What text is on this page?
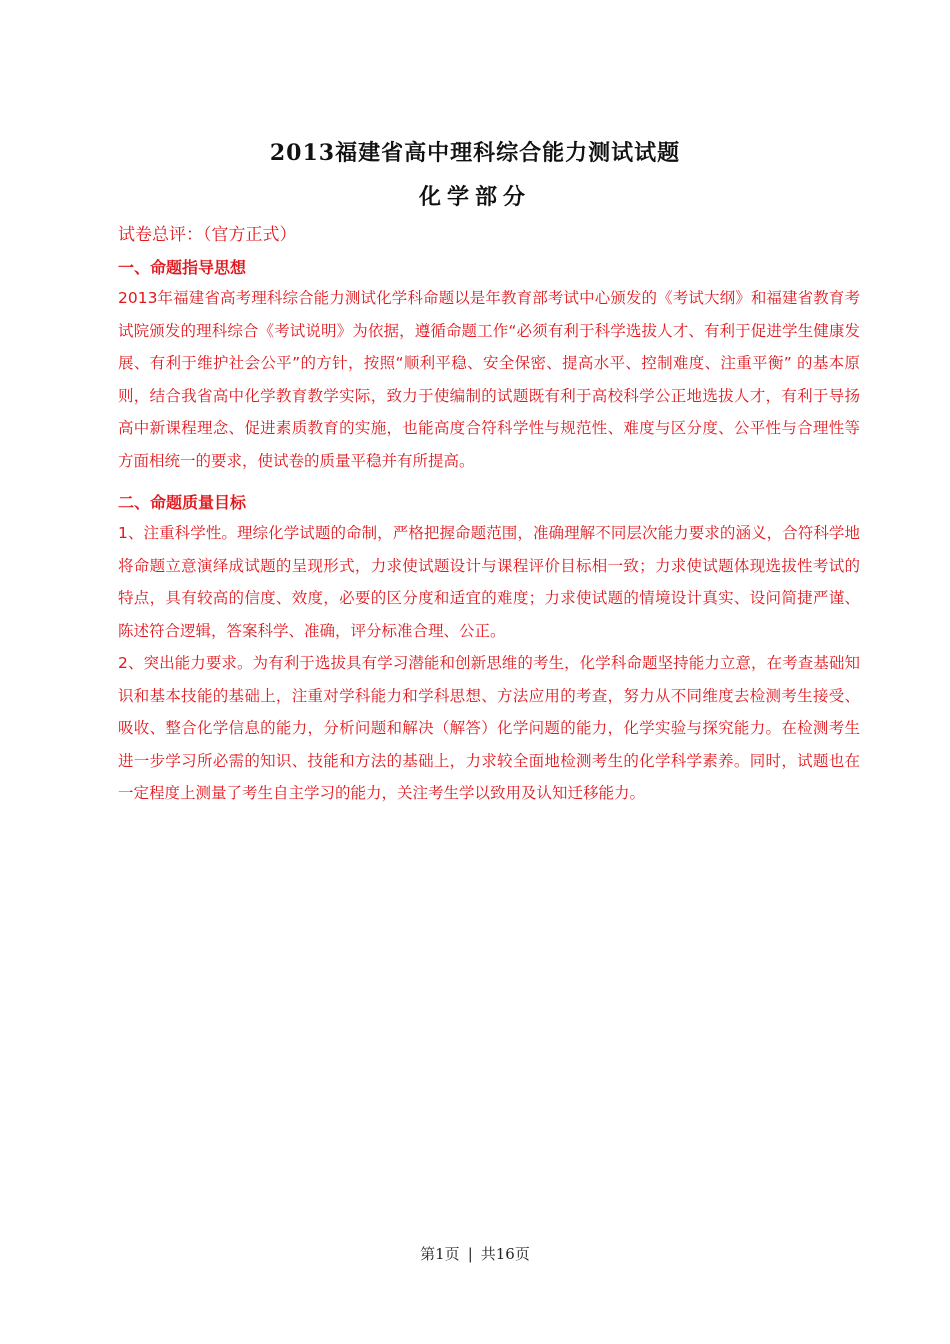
2013福建省高中理科综合能力测试试题
化学部分

试卷总评：（官方正式）

一、命题指导思想

2013年福建省高考理科综合能力测试化学科命题以是年教育部考试中心颁发的《考试大纲》和福建省教育考试院颁发的理科综合《考试说明》为依据，遵循命题工作“必须有利于科学选拔人才、有利于促进学生健康发展、有利于维护社会公平”的方针，按照“顺利平稳、安全保密、提高水平、控制难度、注重平衡” 的基本原则，结合我省高中化学教育教学实际，致力于使编制的试题既有利于高校科学公正地选拔人才，有利于导扬高中新课程理念、促进素质教育的实施，也能高度合符科学性与规范性、难度与区分度、公平性与合理性等方面相统一的要求，使试卷的质量平稳并有所提高。

二、命题质量目标

1、注重科学性。理综化学试题的命制，严格把握命题范围，准确理解不同层次能力要求的涵义，合符科学地将命题立意演绎成试题的呈现形式，力求使试题设计与课程评价目标相一致；力求使试题体现选拔性考试的特点，具有较高的信度、效度，必要的区分度和适宜的难度；力求使试题的情境设计真实、设问简捷严谨、陈述符合逻辑，答案科学、准确，评分标准合理、公正。

2、突出能力要求。为有利于选拔具有学习潜能和创新思维的考生，化学科命题坚持能力立意，在考查基础知识和基本技能的基础上，注重对学科能力和学科思想、方法应用的考查，努力从不同维度去检测考生接受、吸收、整合化学信息的能力，分析问题和解决（解答）化学问题的能力，化学实验与探究能力。在检测考生进一步学习所必需的知识、技能和方法的基础上，力求较全面地检测考生的化学科学素养。同时，试题也在一定程度上测量了考生自主学习的能力，关注考生学以致用及认知迁移能力。

第1页 | 共16页
